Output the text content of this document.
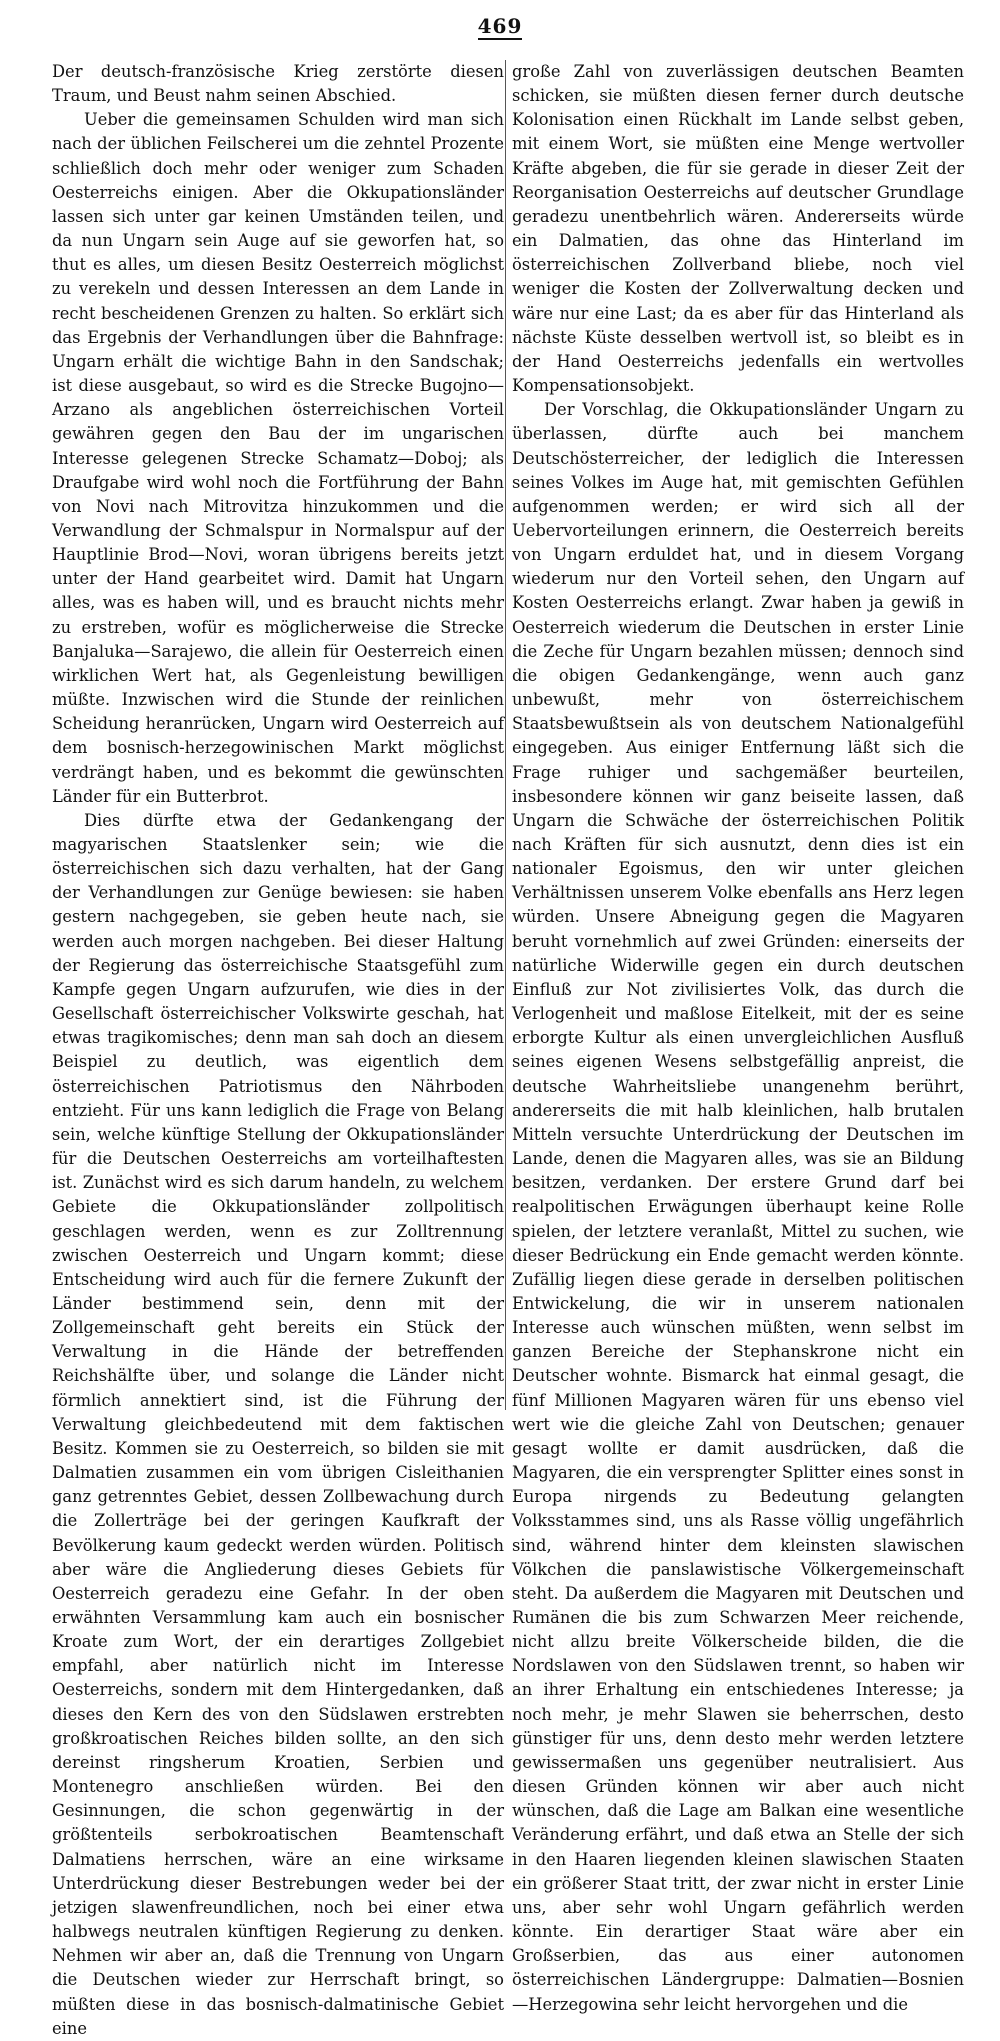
469

Der deutsch-französische Krieg zerstörte diesen Traum, und Beust nahm seinen Abschied.

Ueber die gemeinsamen Schulden wird man sich nach der üblichen Feilscherei um die zehntel Prozente schließlich doch mehr oder weniger zum Schaden Oesterreichs einigen. Aber die Okkupationsländer lassen sich unter gar keinen Umständen teilen, und da nun Ungarn sein Auge auf sie geworfen hat, so thut es alles, um diesen Besitz Oesterreich möglichst zu verekeln und dessen Interessen an dem Lande in recht bescheidenen Grenzen zu halten. So erklärt sich das Ergebnis der Verhandlungen über die Bahnfrage: Ungarn erhält die wichtige Bahn in den Sandschak; ist diese ausgebaut, so wird es die Strecke Bugojno—Arzano als angeblichen österreichischen Vorteil gewähren gegen den Bau der im ungarischen Interesse gelegenen Strecke Schamatz—Doboj; als Draufgabe wird wohl noch die Fortführung der Bahn von Novi nach Mitrovitza hinzukommen und die Verwandlung der Schmalspur in Normalspur auf der Hauptlinie Brod—Novi, woran übrigens bereits jetzt unter der Hand gearbeitet wird. Damit hat Ungarn alles, was es haben will, und es braucht nichts mehr zu erstreben, wofür es möglicherweise die Strecke Banjaluka—Sarajewo, die allein für Oesterreich einen wirklichen Wert hat, als Gegenleistung bewilligen müßte. Inzwischen wird die Stunde der reinlichen Scheidung heranrücken, Ungarn wird Oesterreich auf dem bosnisch-herzegowinischen Markt möglichst verdrängt haben, und es bekommt die gewünschten Länder für ein Butterbrot.

Dies dürfte etwa der Gedankengang der magyarischen Staatslenker sein; wie die österreichischen sich dazu verhalten, hat der Gang der Verhandlungen zur Genüge bewiesen: sie haben gestern nachgegeben, sie geben heute nach, sie werden auch morgen nachgeben. Bei dieser Haltung der Regierung das österreichische Staatsgefühl zum Kampfe gegen Ungarn aufzurufen, wie dies in der Gesellschaft österreichischer Volkswirte geschah, hat etwas tragikomisches; denn man sah doch an diesem Beispiel zu deutlich, was eigentlich dem österreichischen Patriotismus den Nährboden entzieht. Für uns kann lediglich die Frage von Belang sein, welche künftige Stellung der Okkupationsländer für die Deutschen Oesterreichs am vorteilhaftesten ist. Zunächst wird es sich darum handeln, zu welchem Gebiete die Okkupationsländer zollpolitisch geschlagen werden, wenn es zur Zolltrennung zwischen Oesterreich und Ungarn kommt; diese Entscheidung wird auch für die fernere Zukunft der Länder bestimmend sein, denn mit der Zollgemeinschaft geht bereits ein Stück der Verwaltung in die Hände der betreffenden Reichshälfte über, und solange die Länder nicht förmlich annektiert sind, ist die Führung der Verwaltung gleichbedeutend mit dem faktischen Besitz. Kommen sie zu Oesterreich, so bilden sie mit Dalmatien zusammen ein vom übrigen Cisleithanien ganz getrenntes Gebiet, dessen Zollbewachung durch die Zollerträge bei der geringen Kaufkraft der Bevölkerung kaum gedeckt werden würden. Politisch aber wäre die Angliederung dieses Gebiets für Oesterreich geradezu eine Gefahr. In der oben erwähnten Versammlung kam auch ein bosnischer Kroate zum Wort, der ein derartiges Zollgebiet empfahl, aber natürlich nicht im Interesse Oesterreichs, sondern mit dem Hintergedanken, daß dieses den Kern des von den Südslawen erstrebten großkroatischen Reiches bilden sollte, an den sich dereinst ringsherum Kroatien, Serbien und Montenegro anschließen würden. Bei den Gesinnungen, die schon gegenwärtig in der größtenteils serbokroatischen Beamtenschaft Dalmatiens herrschen, wäre an eine wirksame Unterdrückung dieser Bestrebungen weder bei der jetzigen slawenfreundlichen, noch bei einer etwa halbwegs neutralen künftigen Regierung zu denken. Nehmen wir aber an, daß die Trennung von Ungarn die Deutschen wieder zur Herrschaft bringt, so müßten diese in das bosnisch-dalmatinische Gebiet eine

große Zahl von zuverlässigen deutschen Beamten schicken, sie müßten diesen ferner durch deutsche Kolonisation einen Rückhalt im Lande selbst geben, mit einem Wort, sie müßten eine Menge wertvoller Kräfte abgeben, die für sie gerade in dieser Zeit der Reorganisation Oesterreichs auf deutscher Grundlage geradezu unentbehrlich wären. Andererseits würde ein Dalmatien, das ohne das Hinterland im österreichischen Zollverband bliebe, noch viel weniger die Kosten der Zollverwaltung decken und wäre nur eine Last; da es aber für das Hinterland als nächste Küste desselben wertvoll ist, so bleibt es in der Hand Oesterreichs jedenfalls ein wertvolles Kompensationsobjekt.

Der Vorschlag, die Okkupationsländer Ungarn zu überlassen, dürfte auch bei manchem Deutschösterreicher, der lediglich die Interessen seines Volkes im Auge hat, mit gemischten Gefühlen aufgenommen werden; er wird sich all der Uebervorteilungen erinnern, die Oesterreich bereits von Ungarn erduldet hat, und in diesem Vorgang wiederum nur den Vorteil sehen, den Ungarn auf Kosten Oesterreichs erlangt. Zwar haben ja gewiß in Oesterreich wiederum die Deutschen in erster Linie die Zeche für Ungarn bezahlen müssen; dennoch sind die obigen Gedankengänge, wenn auch ganz unbewußt, mehr von österreichischem Staatsbewußtsein als von deutschem Nationalgefühl eingegeben. Aus einiger Entfernung läßt sich die Frage ruhiger und sachgemäßer beurteilen, insbesondere können wir ganz beiseite lassen, daß Ungarn die Schwäche der österreichischen Politik nach Kräften für sich ausnutzt, denn dies ist ein nationaler Egoismus, den wir unter gleichen Verhältnissen unserem Volke ebenfalls ans Herz legen würden. Unsere Abneigung gegen die Magyaren beruht vornehmlich auf zwei Gründen: einerseits der natürliche Widerwille gegen ein durch deutschen Einfluß zur Not zivilisiertes Volk, das durch die Verlogenheit und maßlose Eitelkeit, mit der es seine erborgte Kultur als einen unvergleichlichen Ausfluß seines eigenen Wesens selbstgefällig anpreist, die deutsche Wahrheitsliebe unangenehm berührt, andererseits die mit halb kleinlichen, halb brutalen Mitteln versuchte Unterdrückung der Deutschen im Lande, denen die Magyaren alles, was sie an Bildung besitzen, verdanken. Der erstere Grund darf bei realpolitischen Erwägungen überhaupt keine Rolle spielen, der letztere veranlaßt, Mittel zu suchen, wie dieser Bedrückung ein Ende gemacht werden könnte. Zufällig liegen diese gerade in derselben politischen Entwickelung, die wir in unserem nationalen Interesse auch wünschen müßten, wenn selbst im ganzen Bereiche der Stephanskrone nicht ein Deutscher wohnte. Bismarck hat einmal gesagt, die fünf Millionen Magyaren wären für uns ebenso viel wert wie die gleiche Zahl von Deutschen; genauer gesagt wollte er damit ausdrücken, daß die Magyaren, die ein versprengter Splitter eines sonst in Europa nirgends zu Bedeutung gelangten Volksstammes sind, uns als Rasse völlig ungefährlich sind, während hinter dem kleinsten slawischen Völkchen die panslawistische Völkergemeinschaft steht. Da außerdem die Magyaren mit Deutschen und Rumänen die bis zum Schwarzen Meer reichende, nicht allzu breite Völkerscheide bilden, die die Nordslawen von den Südslawen trennt, so haben wir an ihrer Erhaltung ein entschiedenes Interesse; ja noch mehr, je mehr Slawen sie beherrschen, desto günstiger für uns, denn desto mehr werden letztere gewissermaßen uns gegenüber neutralisiert. Aus diesen Gründen können wir aber auch nicht wünschen, daß die Lage am Balkan eine wesentliche Veränderung erfährt, und daß etwa an Stelle der sich in den Haaren liegenden kleinen slawischen Staaten ein größerer Staat tritt, der zwar nicht in erster Linie uns, aber sehr wohl Ungarn gefährlich werden könnte. Ein derartiger Staat wäre aber ein Großserbien, das aus einer autonomen österreichischen Ländergruppe: Dalmatien—Bosnien—Herzegowina sehr leicht hervorgehen und die
